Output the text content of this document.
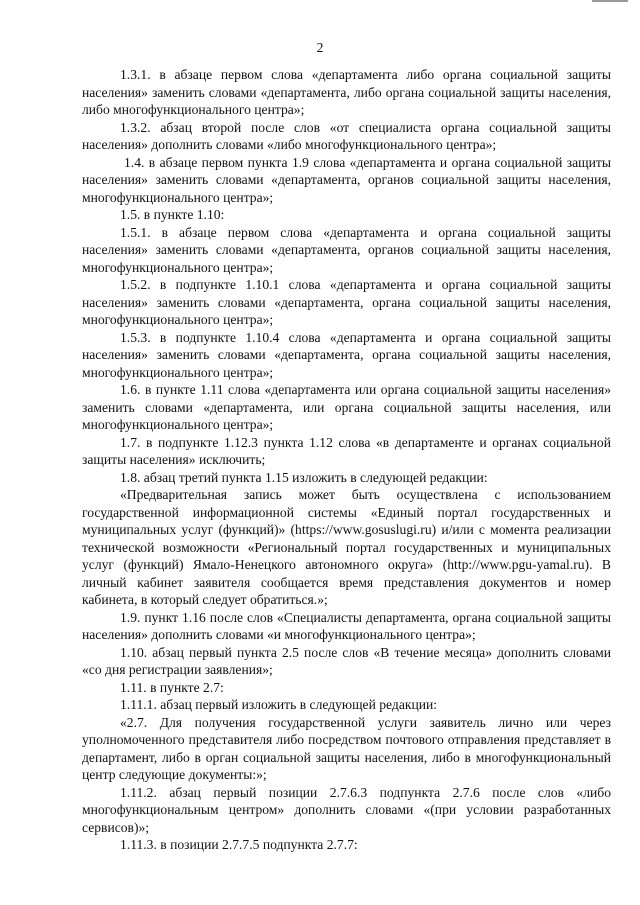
2

1.3.1. в абзаце первом слова «департамента либо органа социальной защиты населения» заменить словами «департамента, либо органа социальной защиты населения, либо многофункционального центра»;

1.3.2. абзац второй после слов «от специалиста органа социальной защиты населения» дополнить словами «либо многофункционального центра»;

1.4. в абзаце первом пункта 1.9 слова «департамента и органа социальной защиты населения» заменить словами «департамента, органов социальной защиты населения, многофункционального центра»;

1.5. в пункте 1.10:

1.5.1. в абзаце первом слова «департамента и органа социальной защиты населения» заменить словами «департамента, органов социальной защиты населения, многофункционального центра»;

1.5.2. в подпункте 1.10.1 слова «департамента и органа социальной защиты населения» заменить словами «департамента, органа социальной защиты населения, многофункционального центра»;

1.5.3. в подпункте 1.10.4 слова «департамента и органа социальной защиты населения» заменить словами «департамента, органа социальной защиты населения, многофункционального центра»;

1.6. в пункте 1.11 слова «департамента или органа социальной защиты населения» заменить словами «департамента, или органа социальной защиты населения, или многофункционального центра»;

1.7. в подпункте 1.12.3 пункта 1.12 слова «в департаменте и органах социальной защиты населения» исключить;

1.8. абзац третий пункта 1.15 изложить в следующей редакции:

«Предварительная запись может быть осуществлена с использованием государственной информационной системы «Единый портал государственных и муниципальных услуг (функций)» (https://www.gosuslugi.ru) и/или с момента реализации технической возможности «Региональный портал государственных и муниципальных услуг (функций) Ямало-Ненецкого автономного округа» (http://www.pgu-yamal.ru). В личный кабинет заявителя сообщается время представления документов и номер кабинета, в который следует обратиться.»;

1.9. пункт 1.16 после слов «Специалисты департамента, органа социальной защиты населения» дополнить словами «и многофункционального центра»;

1.10. абзац первый пункта 2.5 после слов «В течение месяца» дополнить словами «со дня регистрации заявления»;

1.11. в пункте 2.7:

1.11.1. абзац первый изложить в следующей редакции:

«2.7. Для получения государственной услуги заявитель лично или через уполномоченного представителя либо посредством почтового отправления представляет в департамент, либо в орган социальной защиты населения, либо в многофункциональный центр следующие документы:»;

1.11.2. абзац первый позиции 2.7.6.3 подпункта 2.7.6 после слов «либо многофункциональным центром» дополнить словами «(при условии разработанных сервисов)»;

1.11.3. в позиции 2.7.7.5 подпункта 2.7.7:
